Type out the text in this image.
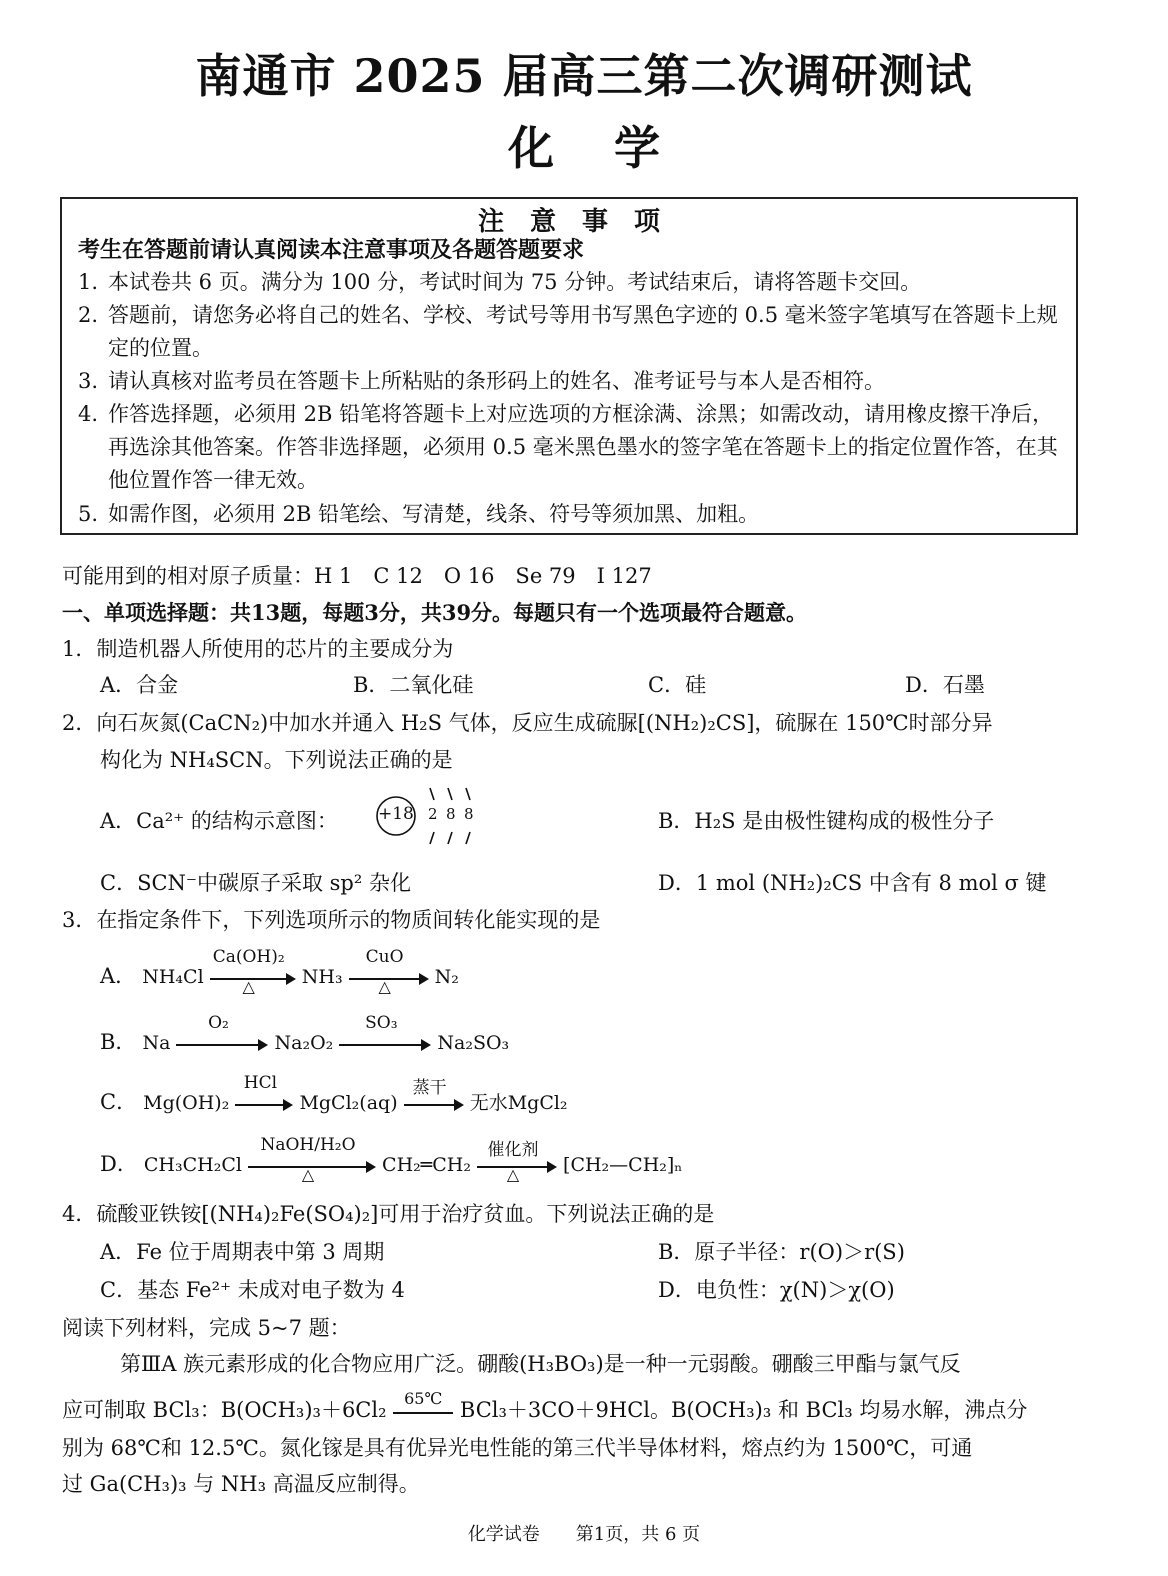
南通市 2025 届高三第二次调研测试
化学
注意事项
考生在答题前请认真阅读本注意事项及各题答题要求
1. 本试卷共 6 页。满分为 100 分，考试时间为 75 分钟。考试结束后，请将答题卡交回。
2. 答题前，请您务必将自己的姓名、学校、考试号等用书写黑色字迹的 0.5 毫米签字笔填写在答题卡上规定的位置。
3. 请认真核对监考员在答题卡上所粘贴的条形码上的姓名、准考证号与本人是否相符。
4. 作答选择题，必须用 2B 铅笔将答题卡上对应选项的方框涂满、涂黑；如需改动，请用橡皮擦干净后，再选涂其他答案。作答非选择题，必须用 0.5 毫米黑色墨水的签字笔在答题卡上的指定位置作答，在其他位置作答一律无效。
5. 如需作图，必须用 2B 铅笔绘、写清楚，线条、符号等须加黑、加粗。
可能用到的相对原子质量：H 1　C 12　O 16　Se 79　I 127
一、单项选择题：共13题，每题3分，共39分。每题只有一个选项最符合题意。
1．制造机器人所使用的芯片的主要成分为
A．合金	B．二氧化硅	C．硅	D．石墨
2．向石灰氮(CaCN₂)中加水并通入 H₂S 气体，反应生成硫脲[(NH₂)₂CS]，硫脲在 150℃时部分异
构化为 NH₄SCN。下列说法正确的是
A．Ca²⁺ 的结构示意图： +18 2 8 8	B．H₂S 是由极性键构成的极性分子
C．SCN⁻中碳原子采取 sp² 杂化	D．1 mol (NH₂)₂CS 中含有 8 mol σ 键
3．在指定条件下，下列选项所示的物质间转化能实现的是
A． NH₄Cl
Ca(OH)₂
△	NH₃
CuO
△	N₂
B． Na
O₂
Na₂O₂
SO₃
Na₂SO₃
C． Mg(OH)₂
HCl
MgCl₂(aq)
蒸干
无水MgCl₂
D． CH₃CH₂Cl
NaOH/H₂O
△	CH₂═CH₂
催化剂
△	[CH₂—CH₂]ₙ
4．硫酸亚铁铵[(NH₄)₂Fe(SO₄)₂]可用于治疗贫血。下列说法正确的是
A．Fe 位于周期表中第 3 周期	B．原子半径：r(O)＞r(S)
C．基态 Fe²⁺ 未成对电子数为 4	D．电负性：χ(N)＞χ(O)
阅读下列材料，完成 5~7 题：
第ⅢA 族元素形成的化合物应用广泛。硼酸(H₃BO₃)是一种一元弱酸。硼酸三甲酯与氯气反
应可制取 BCl₃：B(OCH₃)₃＋6Cl₂	65℃ BCl₃＋3CO＋9HCl。B(OCH₃)₃ 和 BCl₃ 均易水解，沸点分
别为 68℃和 12.5℃。氮化镓是具有优异光电性能的第三代半导体材料，熔点约为 1500℃，可通
过 Ga(CH₃)₃ 与 NH₃ 高温反应制得。
化学试卷　　第1页，共 6 页
